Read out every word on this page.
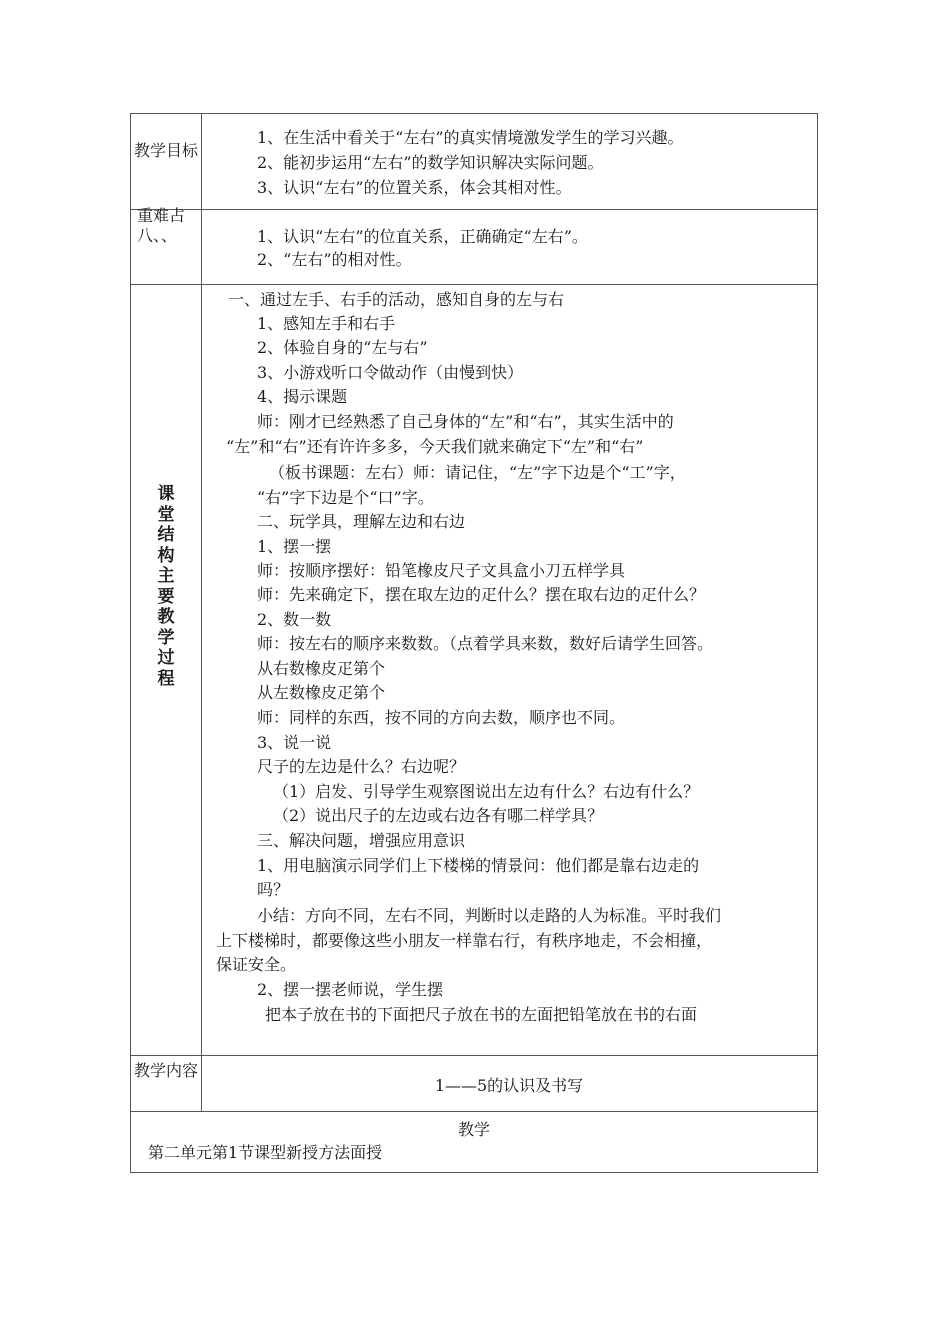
教学目标
1、在生活中看关于“左右”的真实情境激发学生的学习兴趣。
2、能初步运用“左右”的数学知识解决实际问题。
3、认识“左右”的位置关系，体会其相对性。
重难占八、、	1、认识“左右”的位直关系，正确确定“左右”。
2、“左右”的相对性。
课堂结构主要教学过程
一、通过左手、右手的活动，感知自身的左与右
1、感知左手和右手
2、体验自身的“左与右”
3、小游戏听口令做动作（由慢到快）
4、揭示课题
师：刚才已经熟悉了自己身体的“左”和“右”，其实生活中的
“左”和“右”还有许许多多，今天我们就来确定下“左”和“右”
（板书课题：左右）师：请记住，“左”字下边是个“工”字，
“右”字下边是个“口”字。
二、玩学具，理解左边和右边
1、摆一摆
师：按顺序摆好：铅笔橡皮尺子文具盒小刀五样学具
师：先来确定下，摆在取左边的疋什么？摆在取右边的疋什么？
2、数一数
师：按左右的顺序来数数。（点着学具来数，数好后请学生回答。
从右数橡皮疋第个
从左数橡皮疋第个
师：同样的东西，按不同的方向去数，顺序也不同。
3、说一说
尺子的左边是什么？右边呢？
（1）启发、引导学生观察图说出左边有什么？右边有什么？
（2）说出尺子的左边或右边各有哪二样学具？
三、解决问题，增强应用意识
1、用电脑演示同学们上下楼梯的情景问：他们都是靠右边走的
吗？
小结：方向不同，左右不同，判断时以走路的人为标准。平时我们
上下楼梯时，都要像这些小朋友一样靠右行，有秩序地走，不会相撞，
保证安全。
2、摆一摆老师说，学生摆
把本子放在书的下面把尺子放在书的左面把铅笔放在书的右面
教学内容
1——5的认识及书写
教学
第二单元第1节课型新授方法面授
